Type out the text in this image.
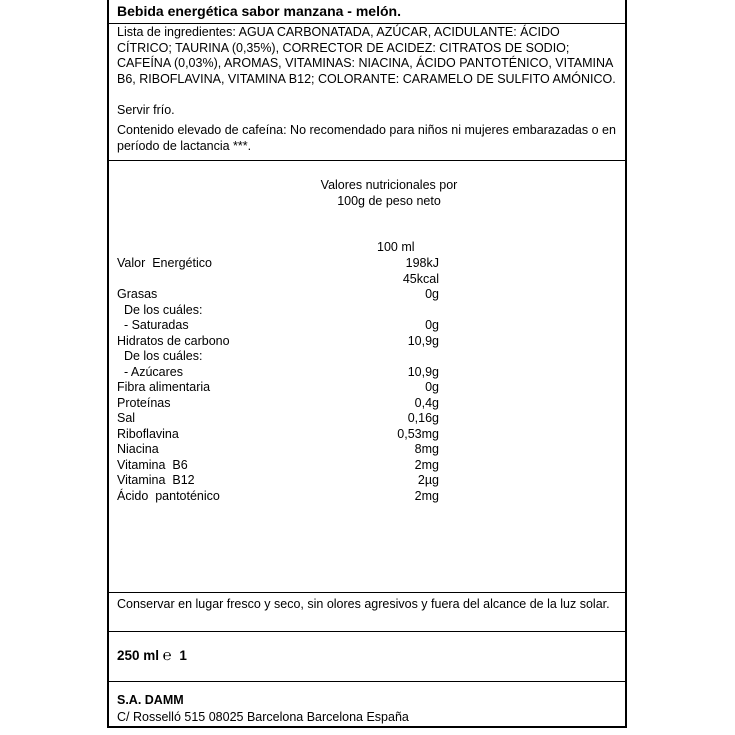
Bebida energética sabor manzana - melón.
Lista de ingredientes: AGUA CARBONATADA, AZÚCAR, ACIDULANTE: ÁCIDO CÍTRICO; TAURINA (0,35%), CORRECTOR DE ACIDEZ: CITRATOS DE SODIO; CAFEÍNA (0,03%), AROMAS, VITAMINAS: NIACINA, ÁCIDO PANTOTÉNICO, VITAMINA B6, RIBOFLAVINA, VITAMINA B12; COLORANTE: CARAMELO DE SULFITO AMÓNICO.
Servir frío.
Contenido elevado de cafeína: No recomendado para niños ni mujeres embarazadas o en período de lactancia ***.
Valores nutricionales por
100g de peso neto
100 ml
Valor  Energético	198kJ
45kcal
Grasas	0g
De los cuáles:
- Saturadas	0g
Hidratos de carbono	10,9g
De los cuáles:
- Azúcares	10,9g
Fibra alimentaria	0g
Proteínas	0,4g
Sal	0,16g
Riboflavina	0,53mg
Niacina	8mg
Vitamina  B6	2mg
Vitamina  B12	2µg
Ácido  pantoténico	2mg
Conservar en lugar fresco y seco, sin olores agresivos y fuera del alcance de la luz solar.
250 ml ℮ 1
S.A. DAMM
C/ Rosselló 515 08025 Barcelona Barcelona España
